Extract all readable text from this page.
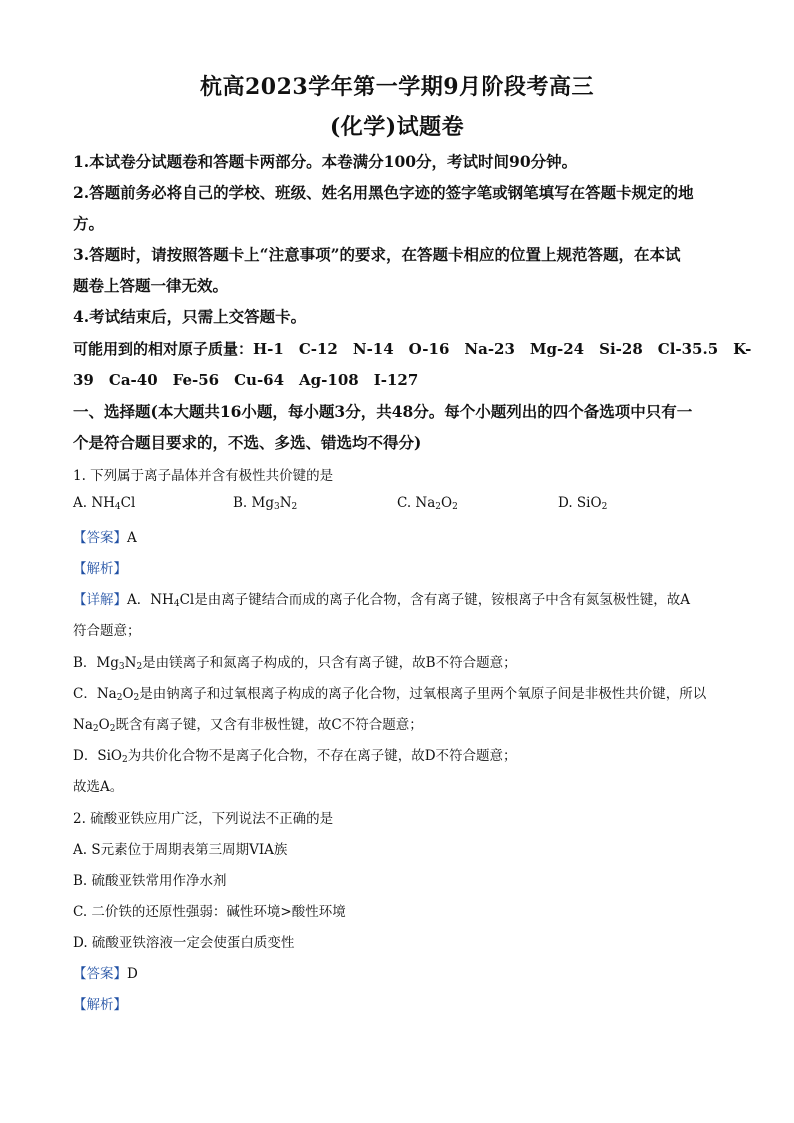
杭高2023学年第一学期9月阶段考高三
(化学)试题卷
1.本试卷分试题卷和答题卡两部分。本卷满分100分，考试时间90分钟。
2.答题前务必将自己的学校、班级、姓名用黑色字迹的签字笔或钢笔填写在答题卡规定的地
方。
3.答题时，请按照答题卡上“注意事项”的要求，在答题卡相应的位置上规范答题，在本试
题卷上答题一律无效。
4.考试结束后，只需上交答题卡。
可能用到的相对原子质量：H-1　C-12　N-14　O-16　Na-23　Mg-24　Si-28　Cl-35.5　K-
39　Ca-40　Fe-56　Cu-64　Ag-108　I-127
一、选择题(本大题共16小题，每小题3分，共48分。每个小题列出的四个备选项中只有一
个是符合题目要求的，不选、多选、错选均不得分)
1. 下列属于离子晶体并含有极性共价键的是
A. $NH_4Cl$	B. $Mg_3N_2$	C. $Na_2O_2$	D. SiO$_2$
【答案】A
【解析】
【详解】A．$NH_4Cl$是由离子键结合而成的离子化合物，含有离子键，铵根离子中含有氮氢极性键，故A
符合题意；
B．$Mg_3N_2$是由镁离子和氮离子构成的，只含有离子键，故B不符合题意；
C．$Na_2O_2$是由钠离子和过氧根离子构成的离子化合物，过氧根离子里两个氧原子间是非极性共价键，所以
$Na_2O_2$既含有离子键，又含有非极性键，故C不符合题意；
D．SiO$_2$为共价化合物不是离子化合物，不存在离子键，故D不符合题意；
故选A。
2. 硫酸亚铁应用广泛，下列说法不正确的是
A. S元素位于周期表第三周期VIA族
B. 硫酸亚铁常用作净水剂
C. 二价铁的还原性强弱：碱性环境>酸性环境
D. 硫酸亚铁溶液一定会使蛋白质变性
【答案】D
【解析】
